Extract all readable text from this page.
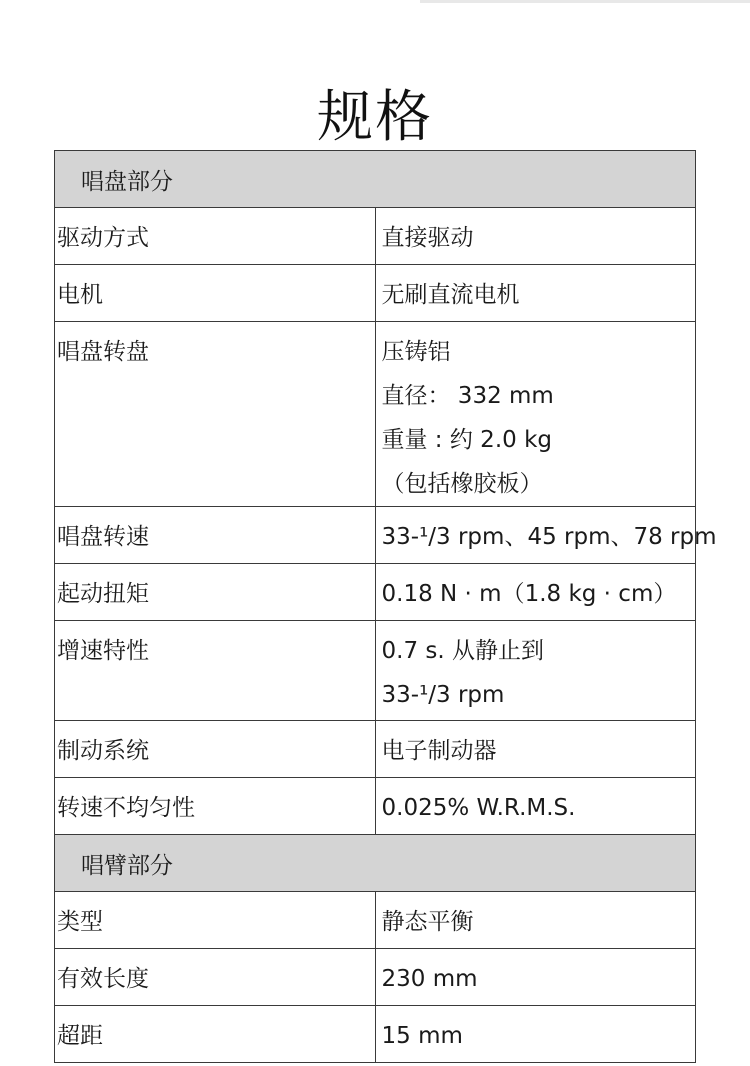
规格
唱盘部分	

驱动方式	直接驱动

电机	无刷直流电机

唱盘转盘	压铸铝
直径： 332 mm
重量 : 约 2.0 kg
（包括橡胶板）

唱盘转速	33-¹/3 rpm、45 rpm、78 rpm

起动扭矩	0.18 N · m（1.8 kg · cm）

增速特性	0.7 s. 从静止到
33-¹/3 rpm

制动系统	电子制动器

转速不均匀性	0.025% W.R.M.S.

唱臂部分	

类型	静态平衡

有效长度	230 mm

超距	15 mm
